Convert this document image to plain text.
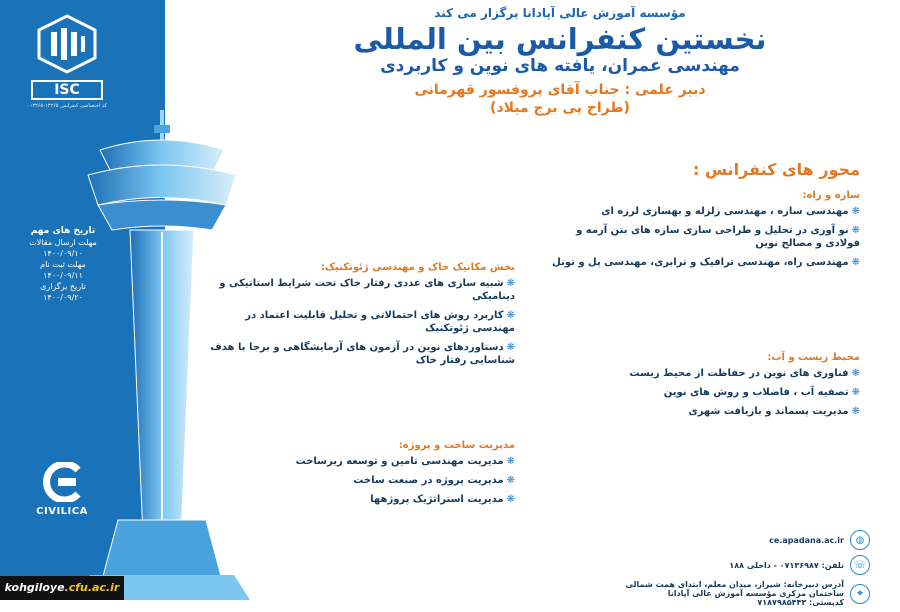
ISC
کد اختصاصی کنفرانس ۱۳۲۶۵-۰۱۳۲۶۵
تاریخ های مهم
مهلت ارسال مقالات
۱۴۰۰/۰۹/۱۰
مهلت ثبت نام
۱۴۰۰/۰۹/۱۱
تاریخ برگزاری
۱۴۰۰/۰۹/۲۰
CIVILICA
kohgiloye.cfu.ac.ir
مؤسسه آموزش عالی آپادانا برگزار می کند
نخستین کنفرانس بین المللی
مهندسی عمران، یافته های نوین و کاربردی
دبیر علمی : جناب آقای پروفسور قهرمانی
(طراح پی برج میلاد)
محور های کنفرانس :
سازه و راه:
❋مهندسی سازه ، مهندسی زلزله و بهسازی لرزه ای
❋نو آوری در تحلیل و طراحی سازی سازه های بتن آرمه و فولادی و مصالح نوین
❋مهندسی راه، مهندسی ترافیک و ترابری، مهندسی پل و تونل
محیط زیست و آب:
❋فناوری های نوین در حفاظت از محیط زیست
❋تصفیه آب ، فاضلاب و روش های نوین
❋مدیریت پسماند و بازیافت شهری
بخش مکانیک خاک و مهندسی ژئوتکنیک:
❋شبیه سازی های عددی رفتار خاک تحت شرایط استاتیکی و دینامیکی
❋کاربرد روش های احتمالاتی و تحلیل قابلیت اعتماد در مهندسی ژئوتکنیک
❋دستاوردهای نوین در آزمون های آزمایشگاهی و برجا با هدف شناسایی رفتار خاک
مدیریت ساخت و پروژه:
❋مدیریت مهندسی تامین و توسعه زیرساخت
❋مدیریت پروژه در صنعت ساخت
❋مدیریت استراتژیک پروژهها
◍
ce.apadana.ac.ir
☏
تلفن: ۰۷۱۳۶۹۸۷ - داخلی ۱۸۸
⌖
آدرس دبیرخانه: شیراز، میدان معلم، ابتدای همت شمالی ساختمان مرکزی مؤسسه آموزش عالی آپادانا
کدپستی: ۷۱۸۷۹۸۵۴۴۳
